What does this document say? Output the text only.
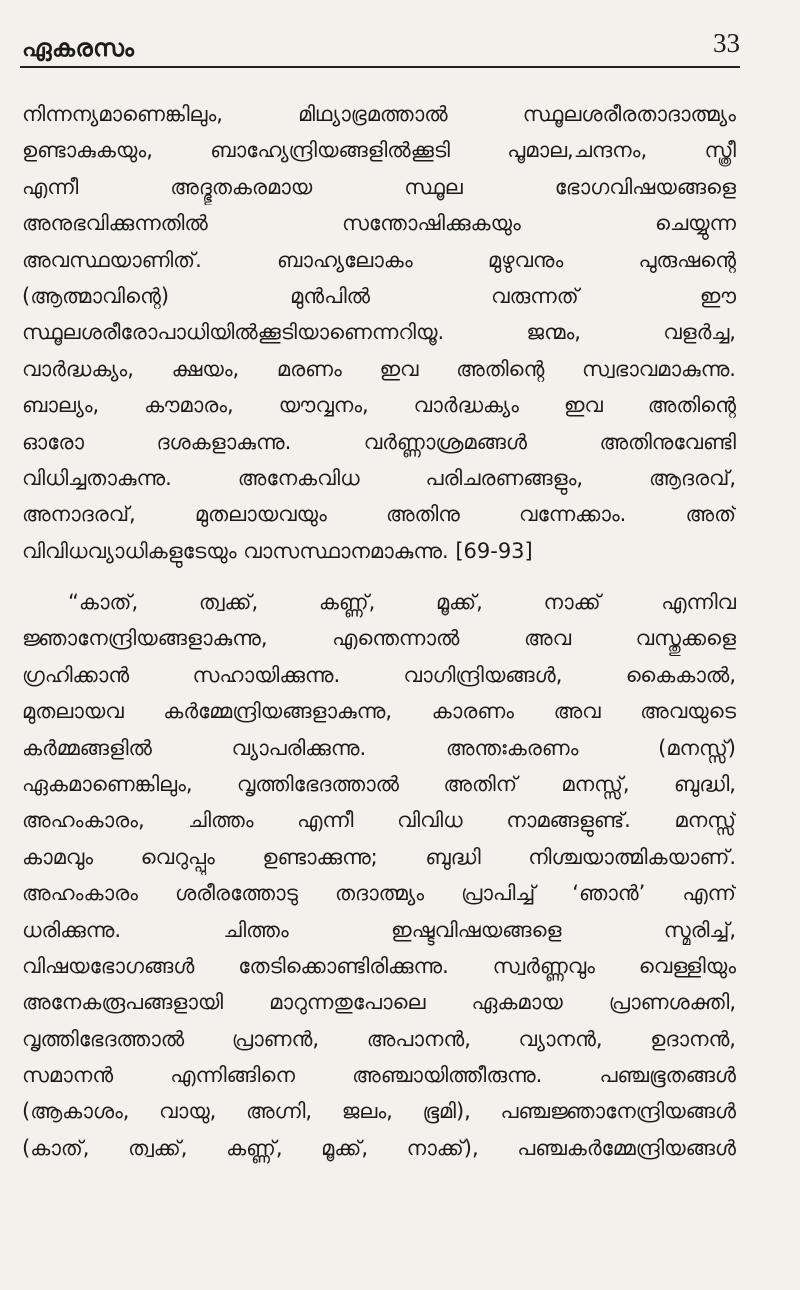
ഏകരസം	33
നിന്നന്യമാണെങ്കിലും, മിഥ്യാഭ്രമത്താൽ സ്ഥൂലശരീരതാദാത്മ്യം
ഉണ്ടാകുകയും, ബാഹ്യേന്ദ്രിയങ്ങളിൽക്കൂടി പൂമാല,ചന്ദനം, സ്ത്രീ
എന്നീ അദ്ഭുതകരമായ സ്ഥൂല ഭോഗവിഷയങ്ങളെ
അനുഭവിക്കുന്നതിൽ സന്തോഷിക്കുകയും ചെയ്യുന്ന
അവസ്ഥയാണിത്. ബാഹ്യലോകം മുഴുവനും പുരുഷന്റെ
(ആത്മാവിന്റെ) മുൻപിൽ വരുന്നത് ഈ
സ്ഥൂലശരീരോപാധിയിൽക്കൂടിയാണെന്നറിയൂ. ജന്മം, വളർച്ച,
വാർദ്ധക്യം, ക്ഷയം, മരണം ഇവ അതിന്റെ സ്വഭാവമാകുന്നു.
ബാല്യം, കൗമാരം, യൗവ്വനം, വാർദ്ധക്യം ഇവ അതിന്റെ
ഓരോ ദശകളാകുന്നു. വർണ്ണാശ്രമങ്ങൾ അതിനുവേണ്ടി
വിധിച്ചതാകുന്നു. അനേകവിധ പരിചരണങ്ങളും, ആദരവ്,
അനാദരവ്, മുതലായവയും അതിനു വന്നേക്കാം. അത്
വിവിധവ്യാധികളുടേയും വാസസ്ഥാനമാകുന്നു. [69-93]
“കാത്, ത്വക്ക്, കണ്ണ്, മൂക്ക്, നാക്ക് എന്നിവ
ജ്ഞാനേന്ദ്രിയങ്ങളാകുന്നു, എന്തെന്നാൽ അവ വസ്തുക്കളെ
ഗ്രഹിക്കാൻ സഹായിക്കുന്നു. വാഗിന്ദ്രിയങ്ങൾ, കൈകാൽ,
മുതലായവ കർമ്മേന്ദ്രിയങ്ങളാകുന്നു, കാരണം അവ അവയുടെ
കർമ്മങ്ങളിൽ വ്യാപരിക്കുന്നു. അന്തഃകരണം (മനസ്സ്)
ഏകമാണെങ്കിലും, വൃത്തിഭേദത്താൽ അതിന് മനസ്സ്, ബുദ്ധി,
അഹംകാരം, ചിത്തം എന്നീ വിവിധ നാമങ്ങളുണ്ട്. മനസ്സ്
കാമവും വെറുപ്പും ഉണ്ടാക്കുന്നു; ബുദ്ധി നിശ്ചയാത്മികയാണ്.
അഹംകാരം ശരീരത്തോടു തദാത്മ്യം പ്രാപിച്ച് ‘ഞാൻ’ എന്ന്
ധരിക്കുന്നു. ചിത്തം ഇഷ്ടവിഷയങ്ങളെ സ്മരിച്ച്,
വിഷയഭോഗങ്ങൾ തേടിക്കൊണ്ടിരിക്കുന്നു. സ്വർണ്ണവും വെള്ളിയും
അനേകരൂപങ്ങളായി മാറുന്നതുപോലെ ഏകമായ പ്രാണശക്തി,
വൃത്തിഭേദത്താൽ പ്രാണൻ, അപാനൻ, വ്യാനൻ, ഉദാനൻ,
സമാനൻ എന്നിങ്ങിനെ അഞ്ചായിത്തീരുന്നു. പഞ്ചഭൂതങ്ങൾ
(ആകാശം, വായു, അഗ്നി, ജലം, ഭൂമി), പഞ്ചജ്ഞാനേന്ദ്രിയങ്ങൾ
(കാത്, ത്വക്ക്, കണ്ണ്, മൂക്ക്, നാക്ക്), പഞ്ചകർമ്മേന്ദ്രിയങ്ങൾ
